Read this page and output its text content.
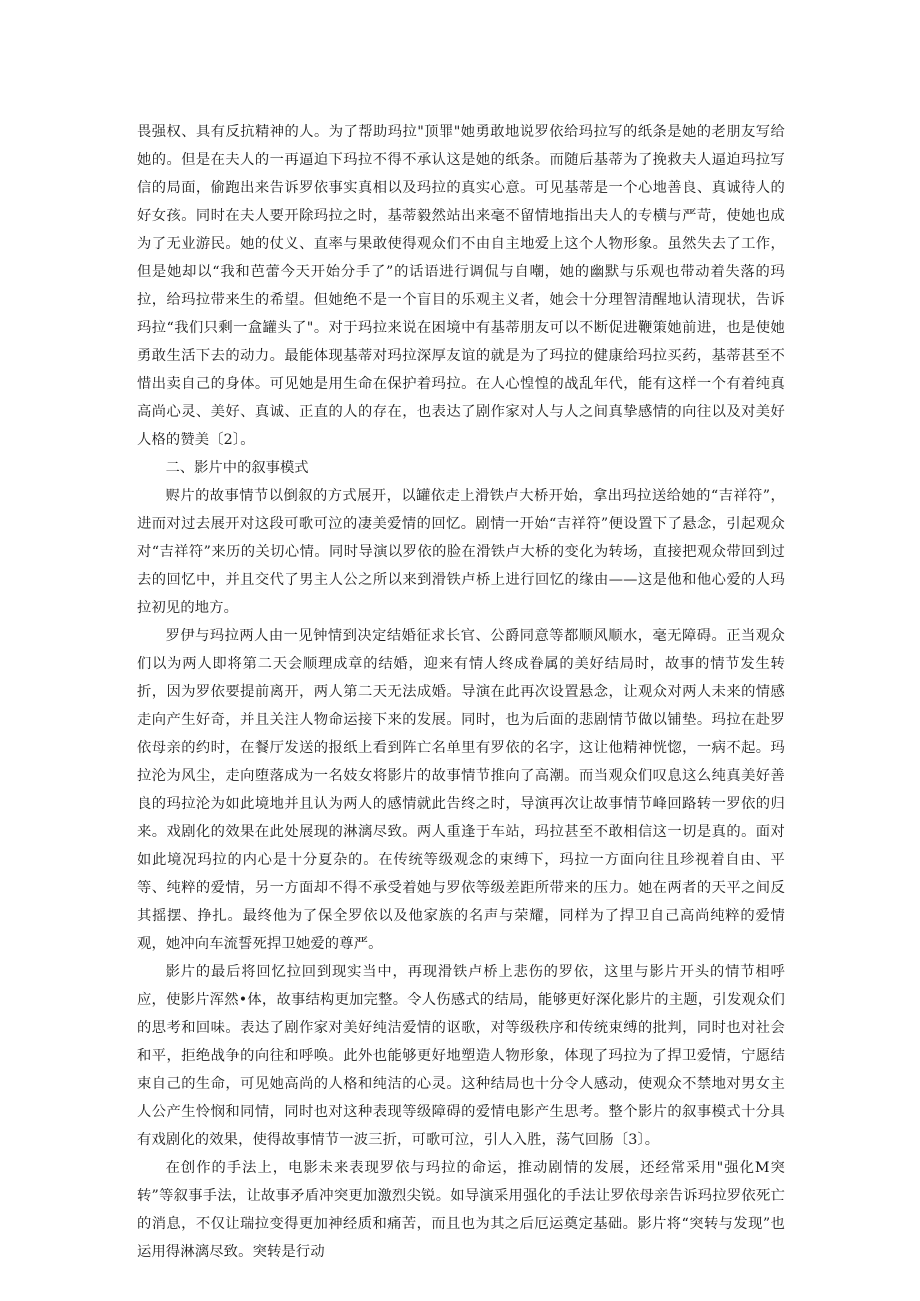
畏强权、具有反抗精神的人。为了帮助玛拉"顶罪"她勇敢地说罗依给玛拉写的纸条是她的老朋友写给她的。但是在夫人的一再逼迫下玛拉不得不承认这是她的纸条。而随后基蒂为了挽救夫人逼迫玛拉写信的局面，偷跑出来告诉罗依事实真相以及玛拉的真实心意。可见基蒂是一个心地善良、真诚待人的好女孩。同时在夫人要开除玛拉之时，基蒂毅然站出来毫不留情地指出夫人的专横与严苛，使她也成为了无业游民。她的仗义、直率与果敢使得观众们不由自主地爱上这个人物形象。虽然失去了工作，但是她却以“我和芭蕾今天开始分手了”的话语进行调侃与自嘲，她的幽默与乐观也带动着失落的玛拉，给玛拉带来生的希望。但她绝不是一个盲目的乐观主义者，她会十分理智清醒地认清现状，告诉玛拉“我们只剩一盒罐头了"。对于玛拉来说在困境中有基蒂朋友可以不断促进鞭策她前进，也是使她勇敢生活下去的动力。最能体现基蒂对玛拉深厚友谊的就是为了玛拉的健康给玛拉买药，基蒂甚至不惜出卖自己的身体。可见她是用生命在保护着玛拉。在人心惶惶的战乱年代，能有这样一个有着纯真高尚心灵、美好、真诚、正直的人的存在，也表达了剧作家对人与人之间真挚感情的向往以及对美好人格的赞美〔2〕。

二、影片中的叙事模式

赆片的故事情节以倒叙的方式展开，以罐依走上滑铁卢大桥开始，拿出玛拉送给她的“吉祥符”，进而对过去展开对这段可歌可泣的凄美爱情的回忆。剧情一开始“吉祥符”便设置下了悬念，引起观众对“吉祥符”来历的关切心情。同时导演以罗依的脸在滑铁卢大桥的变化为转场，直接把观众带回到过去的回忆中，并且交代了男主人公之所以来到滑铁卢桥上进行回忆的缘由——这是他和他心爱的人玛拉初见的地方。

罗伊与玛拉两人由一见钟情到决定结婚征求长官、公爵同意等都顺风顺水，毫无障碍。正当观众们以为两人即将第二天会顺理成章的结婚，迎来有情人终成眷属的美好结局时，故事的情节发生转折，因为罗依要提前离开，两人第二天无法成婚。导演在此再次设置悬念，让观众对两人未来的情感走向产生好奇，并且关注人物命运接下来的发展。同时，也为后面的悲剧情节做以铺垫。玛拉在赴罗依母亲的约时，在餐厅发送的报纸上看到阵亡名单里有罗依的名字，这让他精神恍惚，一病不起。玛拉沦为风尘，走向堕落成为一名妓女将影片的故事情节推向了高潮。而当观众们叹息这么纯真美好善良的玛拉沦为如此境地并且认为两人的感情就此告终之时，导演再次让故事情节峰回路转一罗依的归来。戏剧化的效果在此处展现的淋漓尽致。两人重逢于车站，玛拉甚至不敢相信这一切是真的。面对如此境况玛拉的内心是十分夏杂的。在传统等级观念的束缚下，玛拉一方面向往且珍视着自由、平等、纯粹的爱情，另一方面却不得不承受着她与罗依等级差距所带来的压力。她在两者的天平之间反其摇摆、挣扎。最终他为了保全罗依以及他家族的名声与荣耀，同样为了捍卫自己高尚纯粹的爱情观，她冲向车流誓死捍卫她爱的尊严。

影片的最后将回忆拉回到现实当中，再现滑铁卢桥上悲伤的罗依，这里与影片开头的情节相呼应，使影片浑然•体，故事结构更加完整。令人伤感式的结局，能够更好深化影片的主题，引发观众们的思考和回味。表达了剧作家对美好纯洁爱情的讴歌，对等级秩序和传统束缚的批判，同时也对社会和平，拒绝战争的向往和呼唤。此外也能够更好地塑造人物形象，体现了玛拉为了捍卫爱情，宁愿结束自己的生命，可见她高尚的人格和纯洁的心灵。这种结局也十分令人感动，使观众不禁地对男女主人公产生怜悯和同情，同时也对这种表现等级障碍的爱情电影产生思考。整个影片的叙事模式十分具有戏剧化的效果，使得故事情节一波三折，可歌可泣，引人入胜，荡气回肠〔3〕。

在创作的手法上，电影未来表现罗依与玛拉的命运，推动剧情的发展，还经常采用"强化M突转”等叙事手法，让故事矛盾冲突更加激烈尖锐。如导演采用强化的手法让罗依母亲告诉玛拉罗依死亡的消息，不仅让瑞拉变得更加神经质和痛苦，而且也为其之后厄运奠定基础。影片将“突转与发现”也运用得淋漓尽致。突转是行动
